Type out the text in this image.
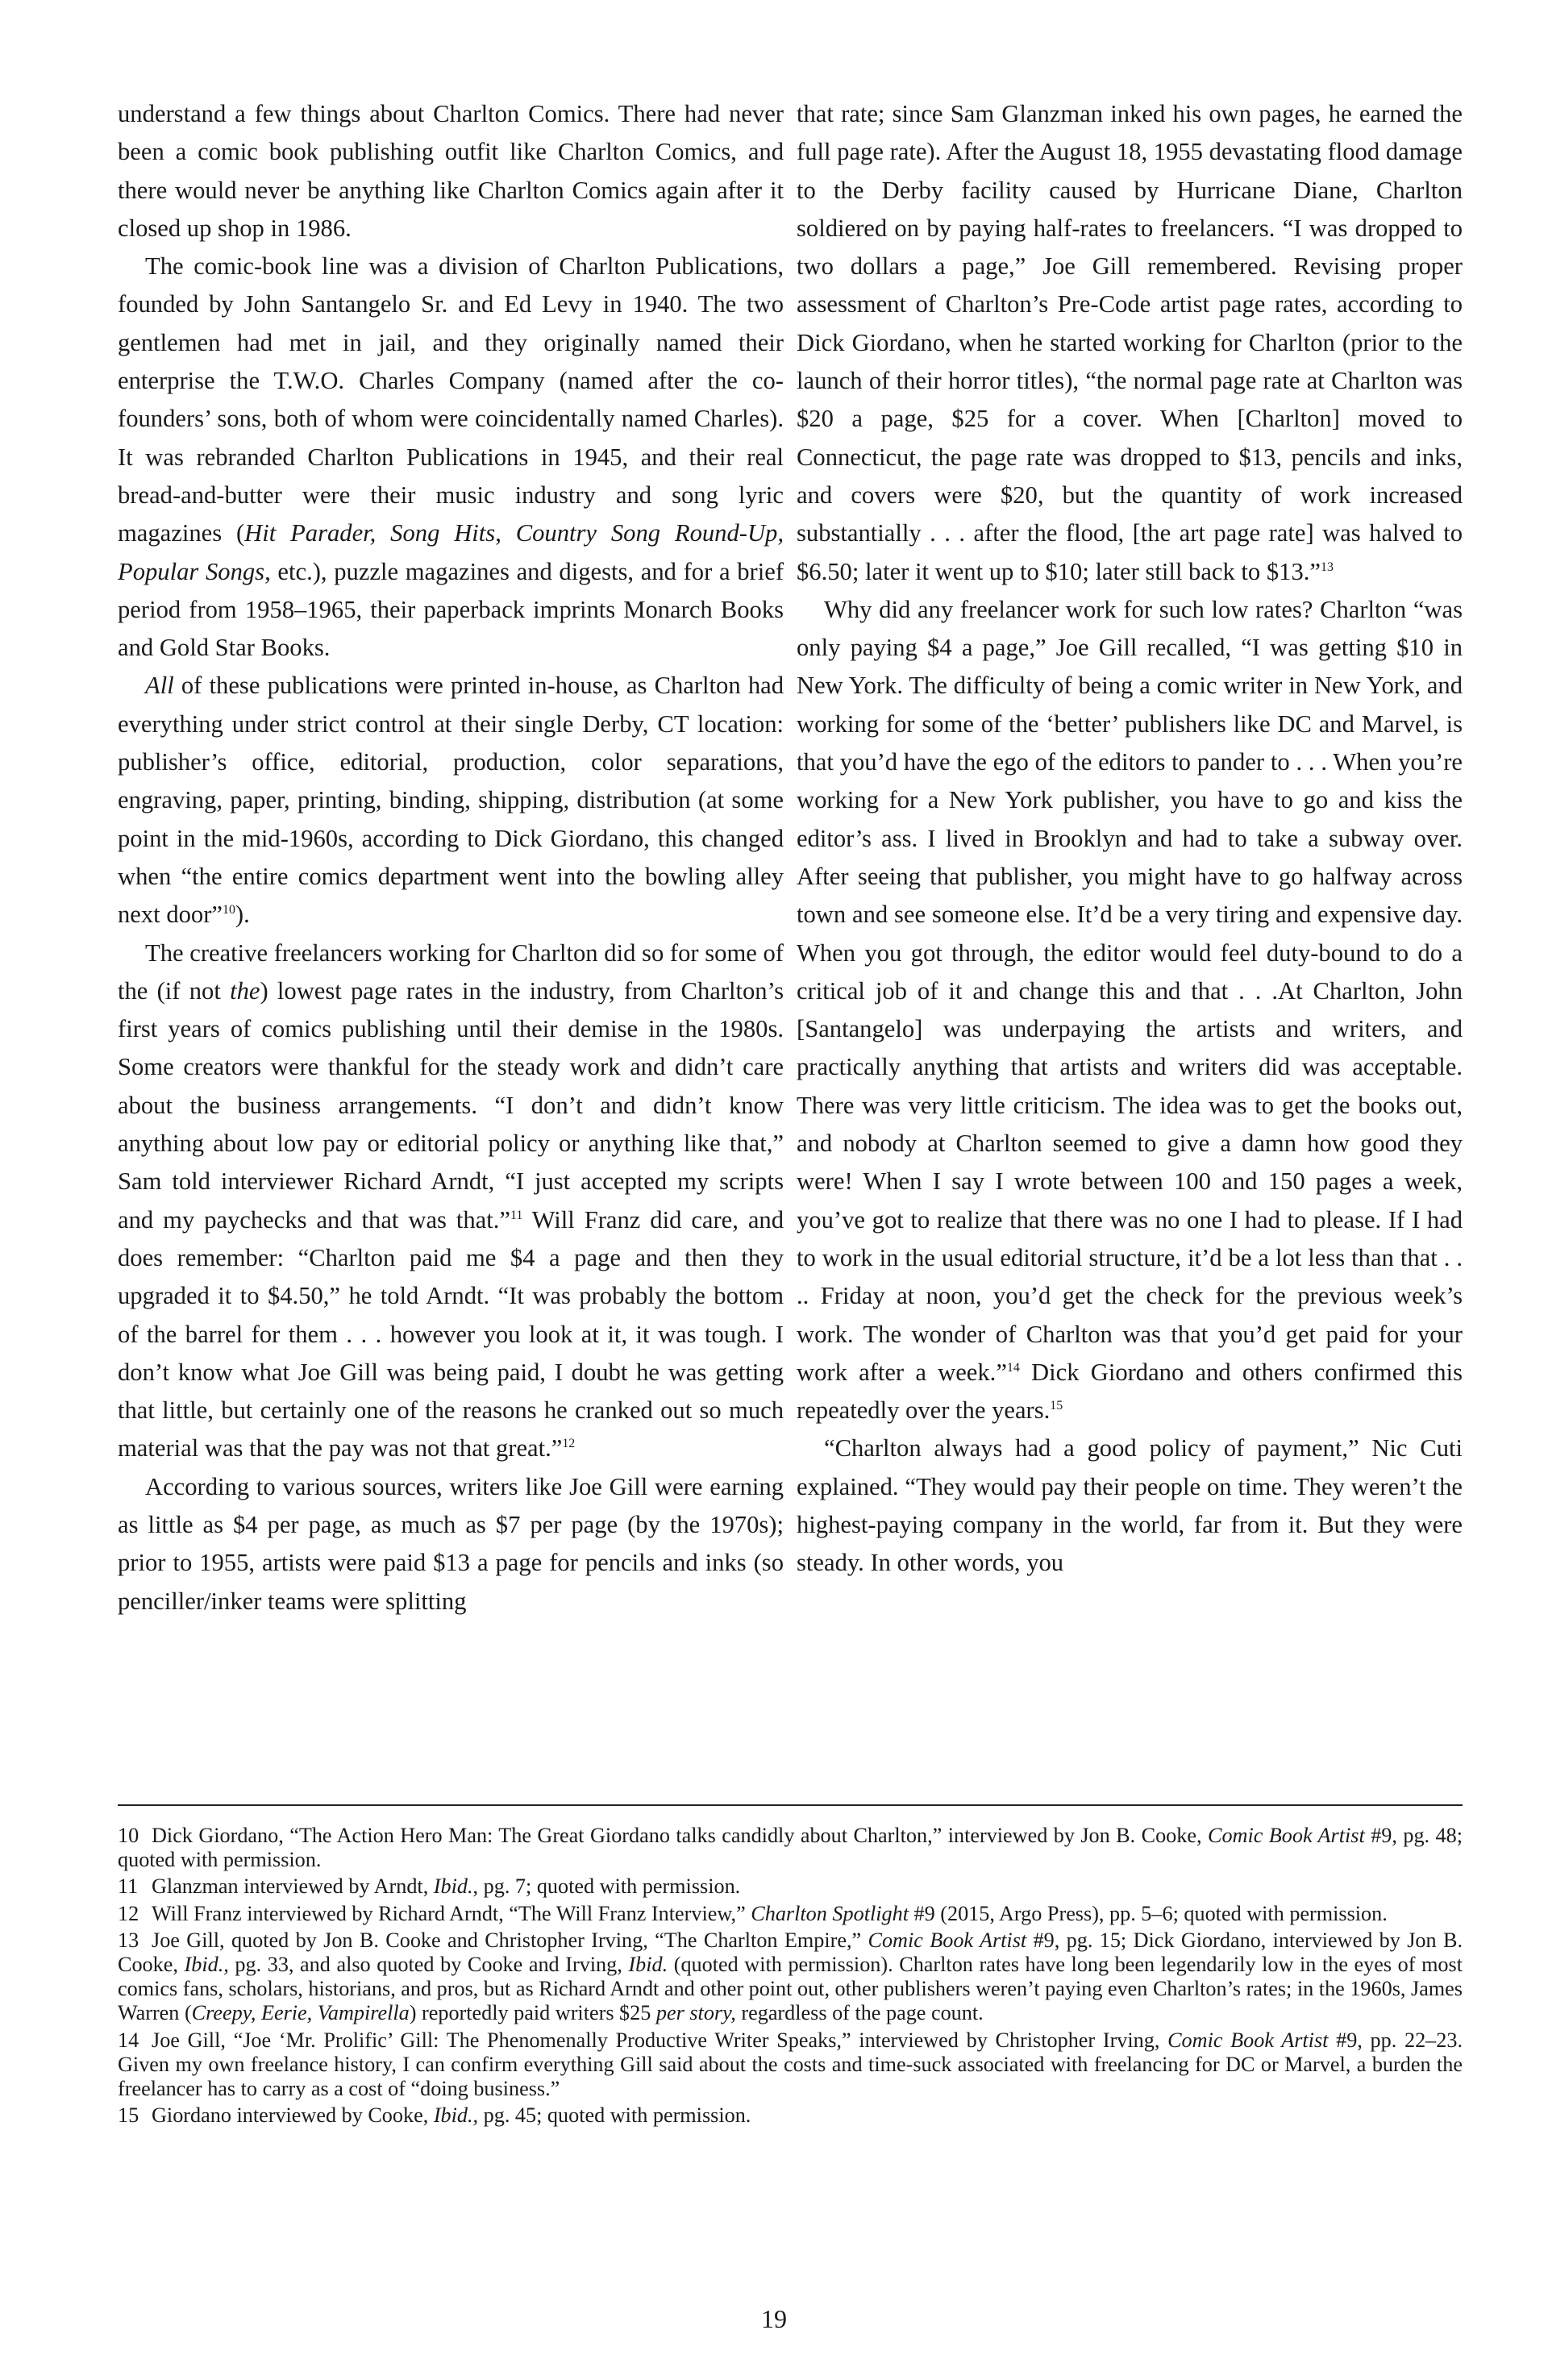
understand a few things about Charlton Comics. There had never been a comic book publishing outfit like Charlton Comics, and there would never be anything like Charlton Comics again after it closed up shop in 1986.

The comic-book line was a division of Charlton Publications, founded by John Santangelo Sr. and Ed Levy in 1940. The two gentlemen had met in jail, and they originally named their enterprise the T.W.O. Charles Company (named after the co-founders’ sons, both of whom were coincidentally named Charles). It was rebranded Charlton Publications in 1945, and their real bread-and-butter were their music industry and song lyric magazines (Hit Parader, Song Hits, Country Song Round-Up, Popular Songs, etc.), puzzle magazines and digests, and for a brief period from 1958–1965, their paperback imprints Monarch Books and Gold Star Books.

All of these publications were printed in-house, as Charlton had everything under strict control at their single Derby, CT location: publisher’s office, editorial, production, color separations, engraving, paper, printing, binding, shipping, distribution (at some point in the mid-1960s, according to Dick Giordano, this changed when “the entire comics department went into the bowling alley next door”$^{10}$).

The creative freelancers working for Charlton did so for some of the (if not the) lowest page rates in the industry, from Charlton’s first years of comics publishing until their demise in the 1980s. Some creators were thankful for the steady work and didn’t care about the business arrangements. “I don’t and didn’t know anything about low pay or editorial policy or anything like that,” Sam told interviewer Richard Arndt, “I just accepted my scripts and my paychecks and that was that.”$^{11}$ Will Franz did care, and does remember: “Charlton paid me $4 a page and then they upgraded it to $4.50,” he told Arndt. “It was probably the bottom of the barrel for them . . . however you look at it, it was tough. I don’t know what Joe Gill was being paid, I doubt he was getting that little, but certainly one of the reasons he cranked out so much material was that the pay was not that great.”$^{12}$

According to various sources, writers like Joe Gill were earning as little as $4 per page, as much as $7 per page (by the 1970s); prior to 1955, artists were paid $13 a page for pencils and inks (so penciller/inker teams were splitting

that rate; since Sam Glanzman inked his own pages, he earned the full page rate). After the August 18, 1955 devastating flood damage to the Derby facility caused by Hurricane Diane, Charlton soldiered on by paying half-rates to freelancers. “I was dropped to two dollars a page,” Joe Gill remembered. Revising proper assessment of Charlton’s Pre-Code artist page rates, according to Dick Giordano, when he started working for Charlton (prior to the launch of their horror titles), “the normal page rate at Charlton was $20 a page, $25 for a cover. When [Charlton] moved to Connecticut, the page rate was dropped to $13, pencils and inks, and covers were $20, but the quantity of work increased substantially . . . after the flood, [the art page rate] was halved to $6.50; later it went up to $10; later still back to $13.”$^{13}$

Why did any freelancer work for such low rates? Charlton “was only paying $4 a page,” Joe Gill recalled, “I was getting $10 in New York. The difficulty of being a comic writer in New York, and working for some of the ‘better’ publishers like DC and Marvel, is that you’d have the ego of the editors to pander to . . . When you’re working for a New York publisher, you have to go and kiss the editor’s ass. I lived in Brooklyn and had to take a subway over. After seeing that publisher, you might have to go halfway across town and see someone else. It’d be a very tiring and expensive day. When you got through, the editor would feel duty-bound to do a critical job of it and change this and that . . .At Charlton, John [Santangelo] was underpaying the artists and writers, and practically anything that artists and writers did was acceptable. There was very little criticism. The idea was to get the books out, and nobody at Charlton seemed to give a damn how good they were! When I say I wrote between 100 and 150 pages a week, you’ve got to realize that there was no one I had to please. If I had to work in the usual editorial structure, it’d be a lot less than that . . .. Friday at noon, you’d get the check for the previous week’s work. The wonder of Charlton was that you’d get paid for your work after a week.”$^{14}$ Dick Giordano and others confirmed this repeatedly over the years.$^{15}$

“Charlton always had a good policy of payment,” Nic Cuti explained. “They would pay their people on time. They weren’t the highest-paying company in the world, far from it. But they were steady. In other words, you

10 Dick Giordano, “The Action Hero Man: The Great Giordano talks candidly about Charlton,” interviewed by Jon B. Cooke, Comic Book Artist #9, pg. 48; quoted with permission.

11 Glanzman interviewed by Arndt, Ibid., pg. 7; quoted with permission.

12 Will Franz interviewed by Richard Arndt, “The Will Franz Interview,” Charlton Spotlight #9 (2015, Argo Press), pp. 5–6; quoted with permission.

13 Joe Gill, quoted by Jon B. Cooke and Christopher Irving, “The Charlton Empire,” Comic Book Artist #9, pg. 15; Dick Giordano, interviewed by Jon B. Cooke, Ibid., pg. 33, and also quoted by Cooke and Irving, Ibid. (quoted with permission). Charlton rates have long been legendarily low in the eyes of most comics fans, scholars, historians, and pros, but as Richard Arndt and other point out, other publishers weren’t paying even Charlton’s rates; in the 1960s, James Warren (Creepy, Eerie, Vampirella) reportedly paid writers $25 per story, regardless of the page count.

14 Joe Gill, “Joe ‘Mr. Prolific’ Gill: The Phenomenally Productive Writer Speaks,” interviewed by Christopher Irving, Comic Book Artist #9, pp. 22–23. Given my own freelance history, I can confirm everything Gill said about the costs and time-suck associated with freelancing for DC or Marvel, a burden the freelancer has to carry as a cost of “doing business.”

15 Giordano interviewed by Cooke, Ibid., pg. 45; quoted with permission.

19
